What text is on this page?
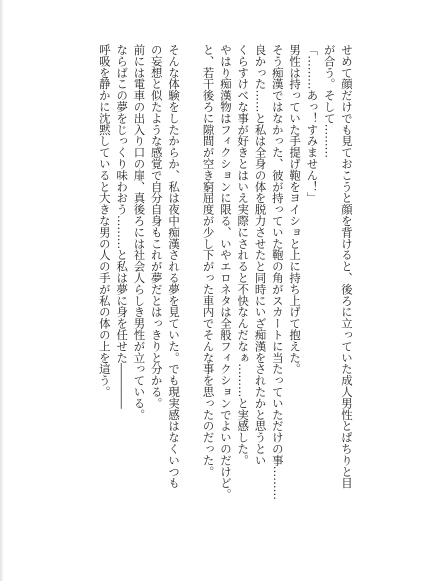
せめて顔だけでも見ておこうと顔を背けると、後ろに立っていた成人男性とぱちりと目
が合う。そして………
「………あっ！すみません！」
男性は持っていた手提げ鞄をヨイショと上に持ち上げて抱えた。
そう痴漢ではなかった、彼が持っていた鞄の角がスカートに当たっていただけの事………
良かった……と私は全身の体を脱力させたと同時にいざ痴漢をされたかと思うとい
くらすけべな事が好きとはいえ実際にされると不快なんだなぁ………と実感した。
やはり痴漢物はフィクションに限る、いやエロネタは全般フィクションでよいのだけど。
と、若干後ろに隙間が空き窮屈度が少し下がった車内でそんな事を思ったのだった。
そんな体験をしたからか、私は夜中痴漢される夢を見ていた。でも現実感はなくいつも
の妄想と似たような感覚で自分自身もこれが夢だとはっきりと分かる。
前には電車の出入り口の扉、真後ろには社会人らしき男性が立っている。
ならばこの夢をじっくり味わおう………と私は夢に身を任せた――――
呼吸を静かに沈黙していると大きな男の人の手が私の体の上を這う。
